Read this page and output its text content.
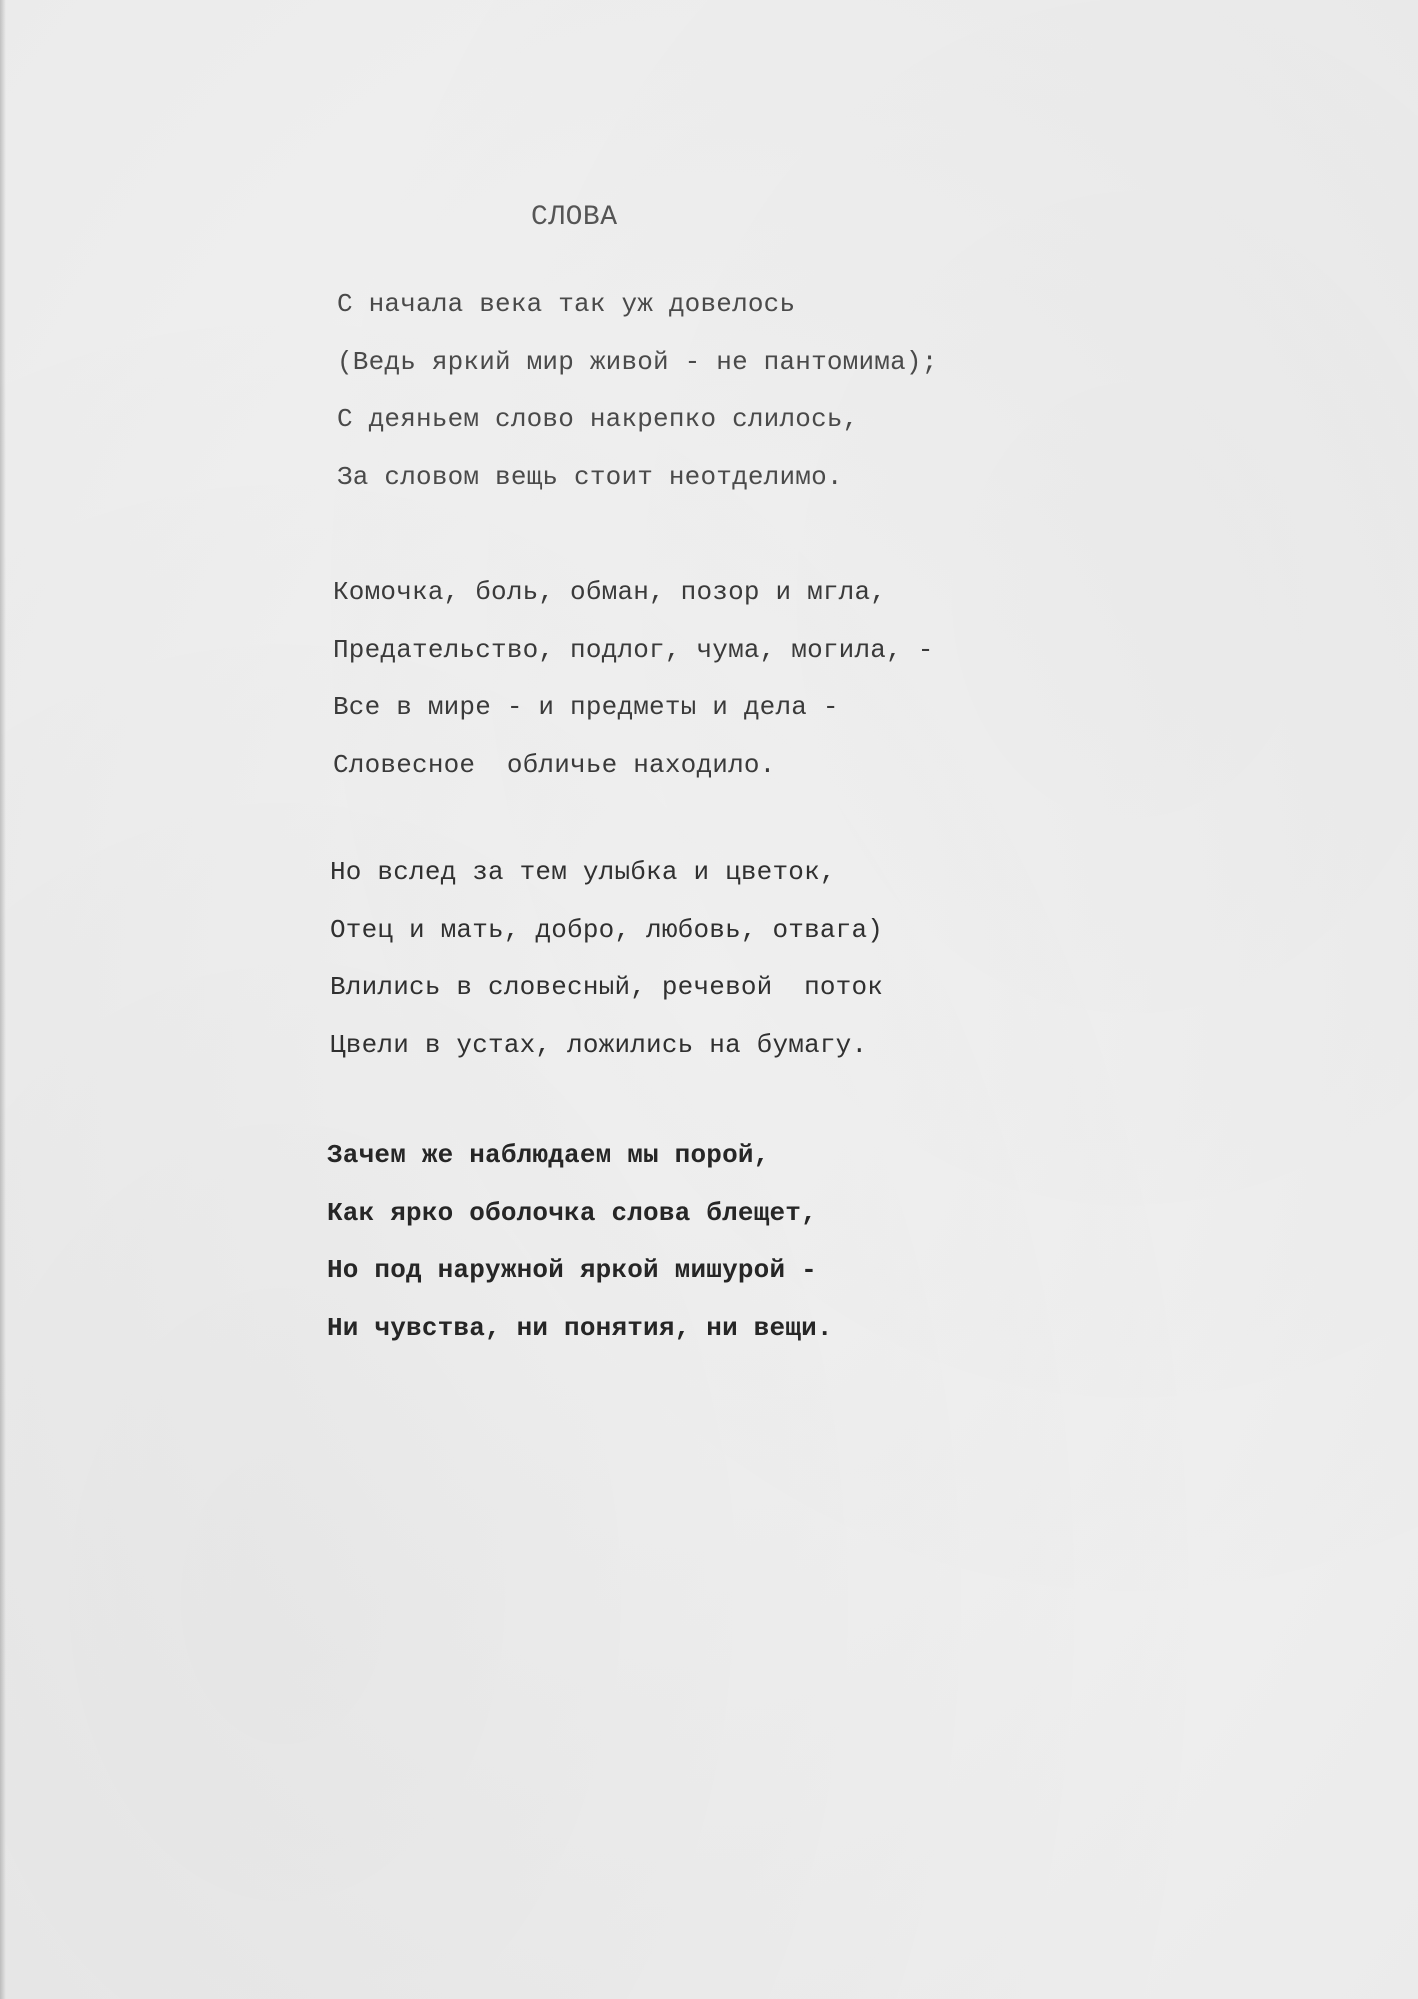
СЛОВА
С начала века так уж довелось
(Ведь яркий мир живой - не пантомима);
С деяньем слово накрепко слилось,
За словом вещь стоит неотделимо.
Комочка, боль, обман, позор и мгла,
Предательство, подлог, чума, могила, -
Все в мире - и предметы и дела -
Словесное  обличье находило.
Но вслед за тем улыбка и цветок,
Отец и мать, добро, любовь, отвага)
Влились в словесный, речевой  поток
Цвели в устах, ложились на бумагу.
Зачем же наблюдаем мы порой,
Как ярко оболочка слова блещет,
Но под наружной яркой мишурой -
Ни чувства, ни понятия, ни вещи.
